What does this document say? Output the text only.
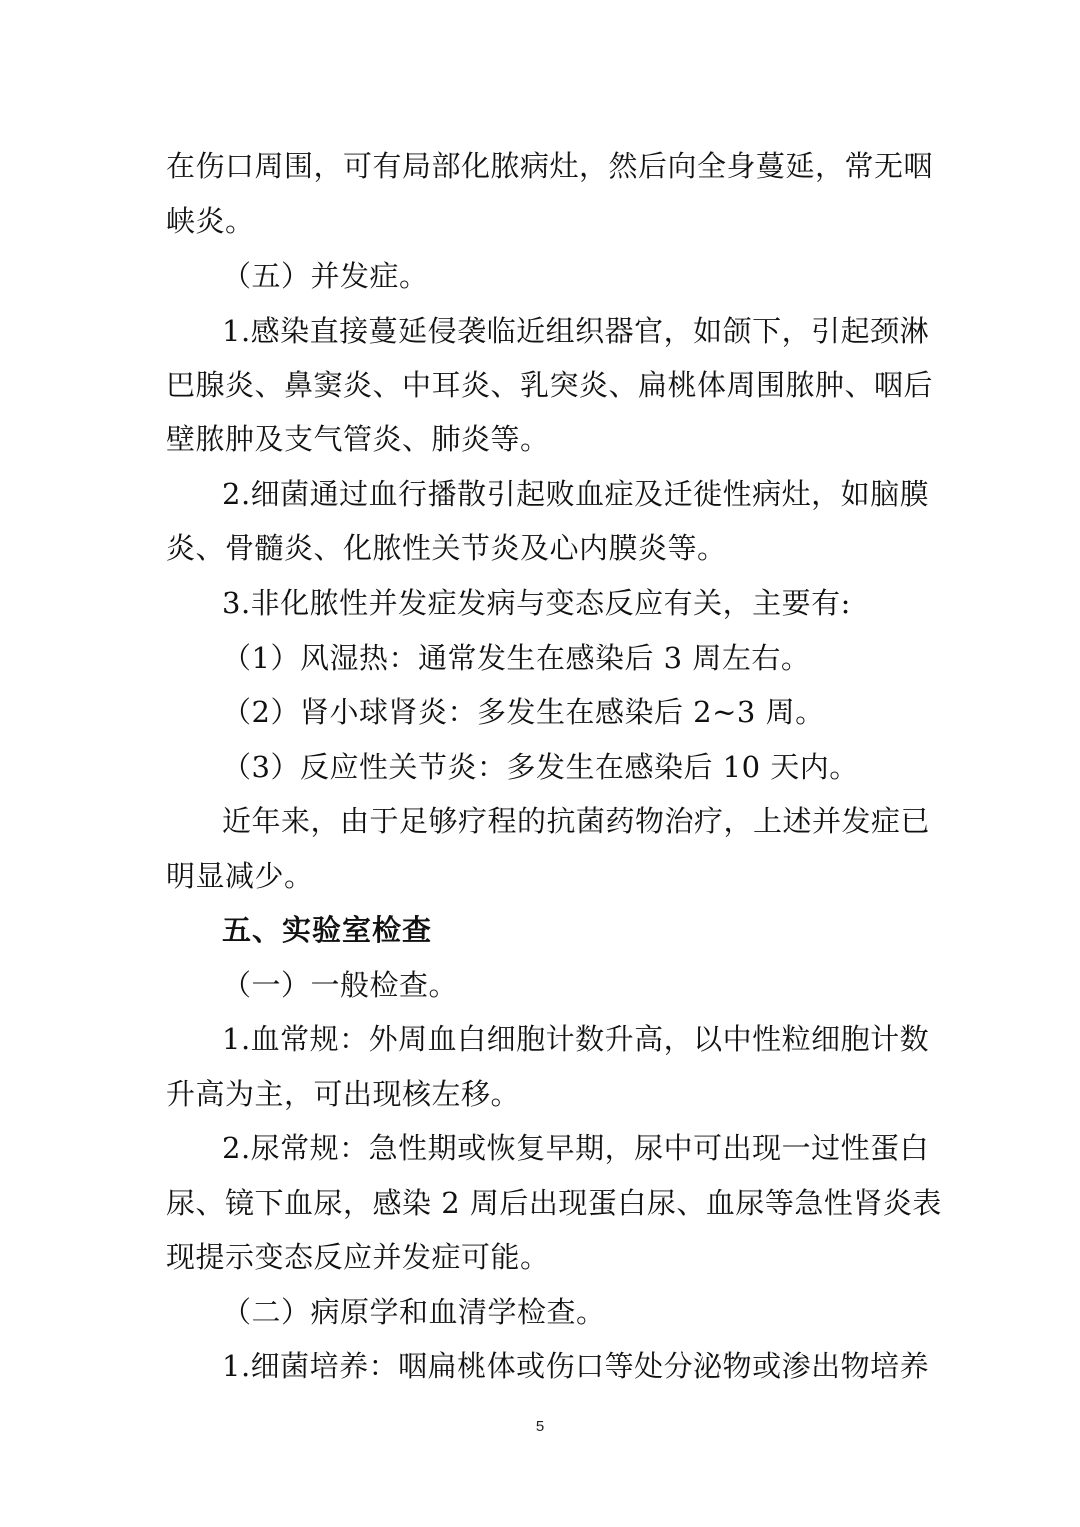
在伤口周围，可有局部化脓病灶，然后向全身蔓延，常无咽
峡炎。
（五）并发症。
1.感染直接蔓延侵袭临近组织器官，如颌下，引起颈淋
巴腺炎、鼻窦炎、中耳炎、乳突炎、扁桃体周围脓肿、咽后
壁脓肿及支气管炎、肺炎等。
2.细菌通过血行播散引起败血症及迁徙性病灶，如脑膜
炎、骨髓炎、化脓性关节炎及心内膜炎等。
3.非化脓性并发症发病与变态反应有关，主要有:
（1）风湿热：通常发生在感染后 3 周左右。
（2）肾小球肾炎：多发生在感染后 2~3 周。
（3）反应性关节炎：多发生在感染后 10 天内。
近年来，由于足够疗程的抗菌药物治疗，上述并发症已
明显减少。
五、实验室检查
（一）一般检查。
1.血常规：外周血白细胞计数升高，以中性粒细胞计数
升高为主，可出现核左移。
2.尿常规：急性期或恢复早期，尿中可出现一过性蛋白
尿、镜下血尿，感染 2 周后出现蛋白尿、血尿等急性肾炎表
现提示变态反应并发症可能。
（二）病原学和血清学检查。
1.细菌培养：咽扁桃体或伤口等处分泌物或渗出物培养
5
